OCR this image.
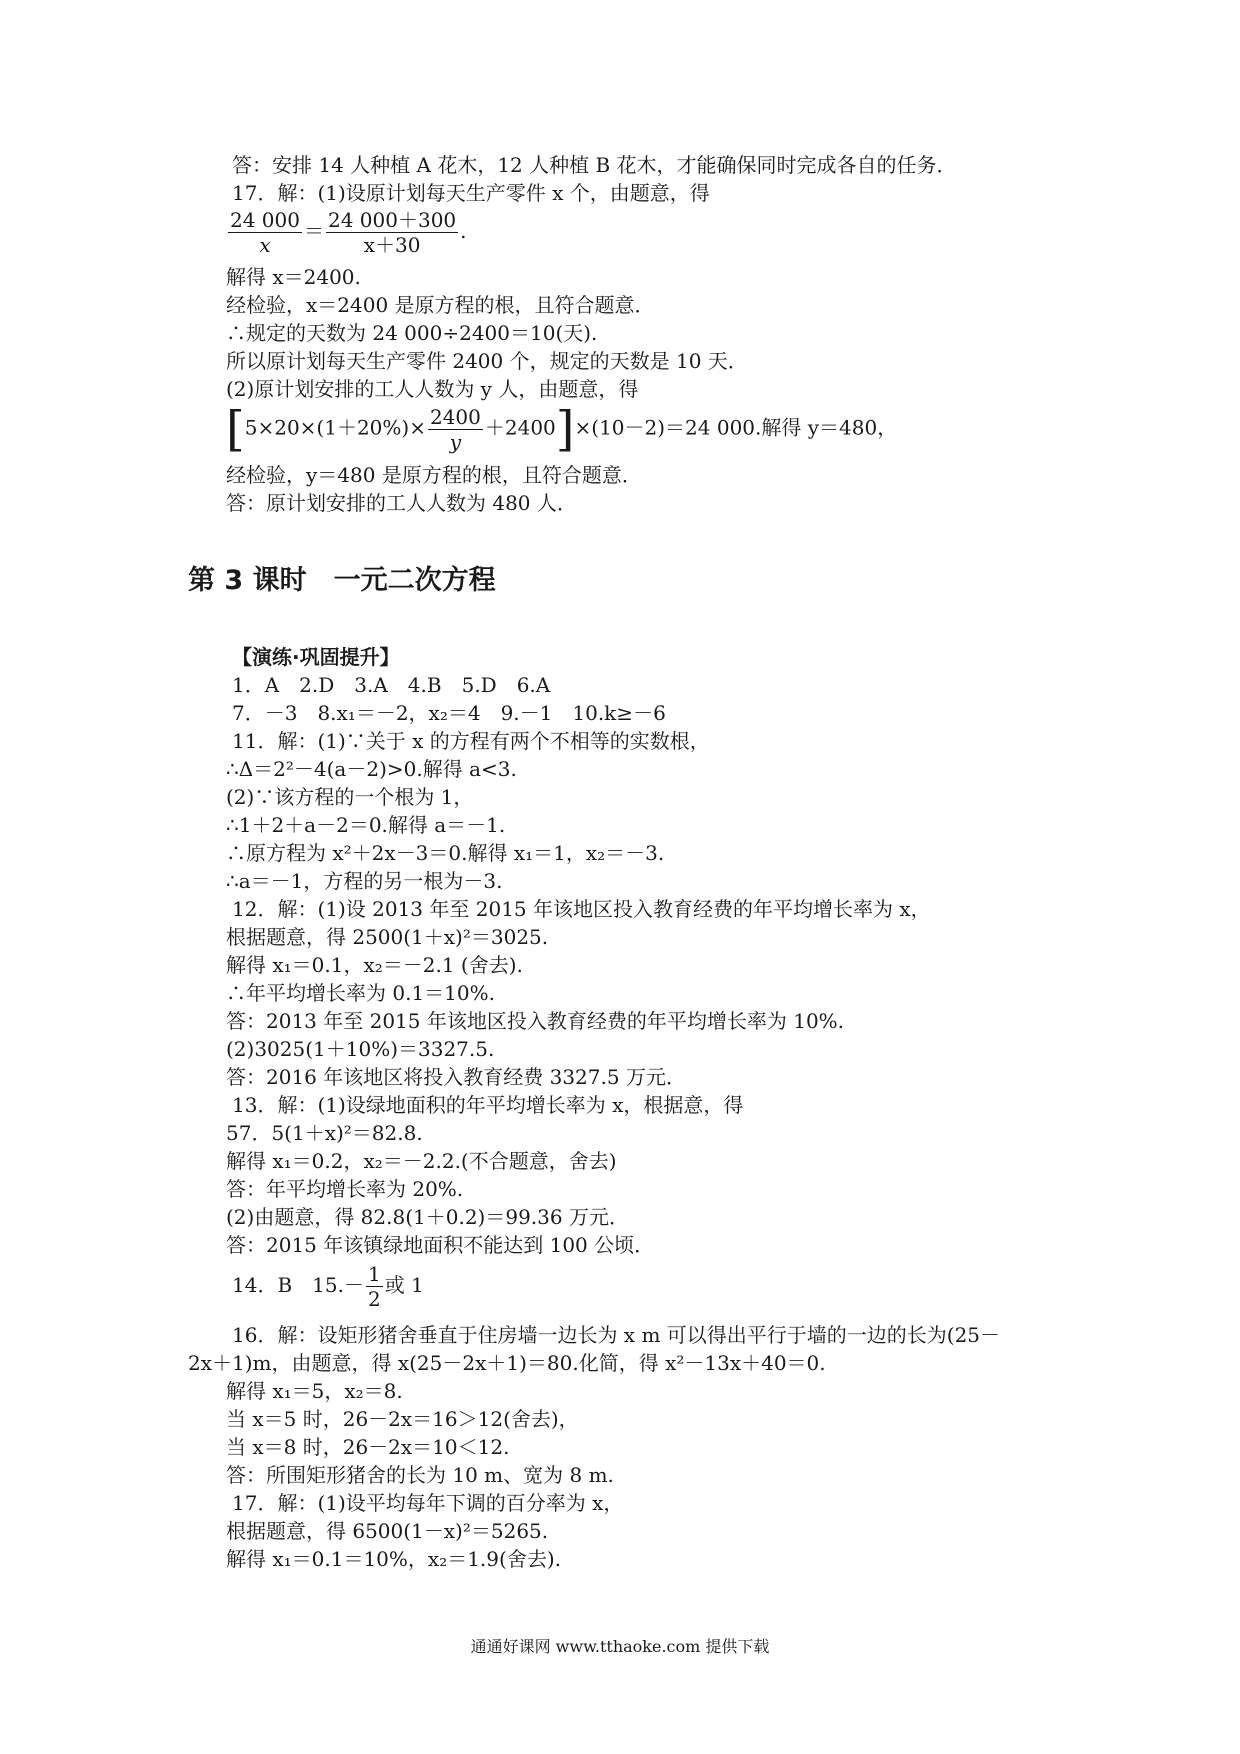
答：安排 14 人种植 A 花木，12 人种植 B 花木，才能确保同时完成各自的任务．
17．解：(1)设原计划每天生产零件 x 个，由题意，得
$\frac{24 000}{x} = \frac{24 000+300}{x+30}$ .
解得 x＝2400.
经检验，x＝2400 是原方程的根，且符合题意．
∴规定的天数为 24 000÷2400＝10(天).
所以原计划每天生产零件 2400 个，规定的天数是 10 天．
(2)原计划安排的工人人数为 y 人，由题意，得
$[5\times 20\times(1+20\%)\times \frac{2400}{y} +2400]\times(10-2)=24$ 000.解得 y＝480，
经检验，y＝480 是原方程的根，且符合题意．
答：原计划安排的工人人数为 480 人．
第 3 课时　一元二次方程
【演练·巩固提升】
1．A　2.D　3.A　4.B　5.D　6.A
7．－3　8.x₁＝－2，x₂＝4　9.－1　10.k≥－6
11．解：(1)∵关于 x 的方程有两个不相等的实数根，
∴Δ＝2²－4(a－2)>0.解得 a<3.
(2)∵该方程的一个根为 1，
∴1＋2＋a－2＝0.解得 a＝－1.
∴原方程为 x²＋2x－3＝0.解得 x₁＝1，x₂＝－3.
∴a＝－1，方程的另一根为－3.
12．解：(1)设 2013 年至 2015 年该地区投入教育经费的年平均增长率为 x，
根据题意，得 2500(1＋x)²＝3025.
解得 x₁＝0.1，x₂＝－2.1 (舍去).
∴年平均增长率为 0.1＝10%.
答：2013 年至 2015 年该地区投入教育经费的年平均增长率为 10%.
(2)3025(1＋10%)＝3327.5.
答：2016 年该地区将投入教育经费 3327.5 万元．
13．解：(1)设绿地面积的年平均增长率为 x，根据意，得
57．5(1＋x)²＝82.8.
解得 x₁＝0.2，x₂＝－2.2.(不合题意，舍去)
答：年平均增长率为 20%.
(2)由题意，得 82.8(1＋0.2)＝99.36 万元．
答：2015 年该镇绿地面积不能达到 100 公顷．
14．B　$15.- \frac{1}{2}$ 或 1
16．解：设矩形猪舍垂直于住房墙一边长为 x m 可以得出平行于墙的一边的长为(25－
2x＋1)m，由题意，得 x(25－2x＋1)＝80.化简，得 x²－13x＋40＝0.
解得 x₁＝5，x₂＝8.
当 x＝5 时，26－2x＝16＞12(舍去)，
当 x＝8 时，26－2x＝10＜12.
答：所围矩形猪舍的长为 10 m、宽为 8 m.
17．解：(1)设平均每年下调的百分率为 x，
根据题意，得 6500(1－x)²＝5265.
解得 x₁＝0.1＝10%，x₂＝1.9(舍去).
通通好课网 www.tthaoke.com 提供下载
